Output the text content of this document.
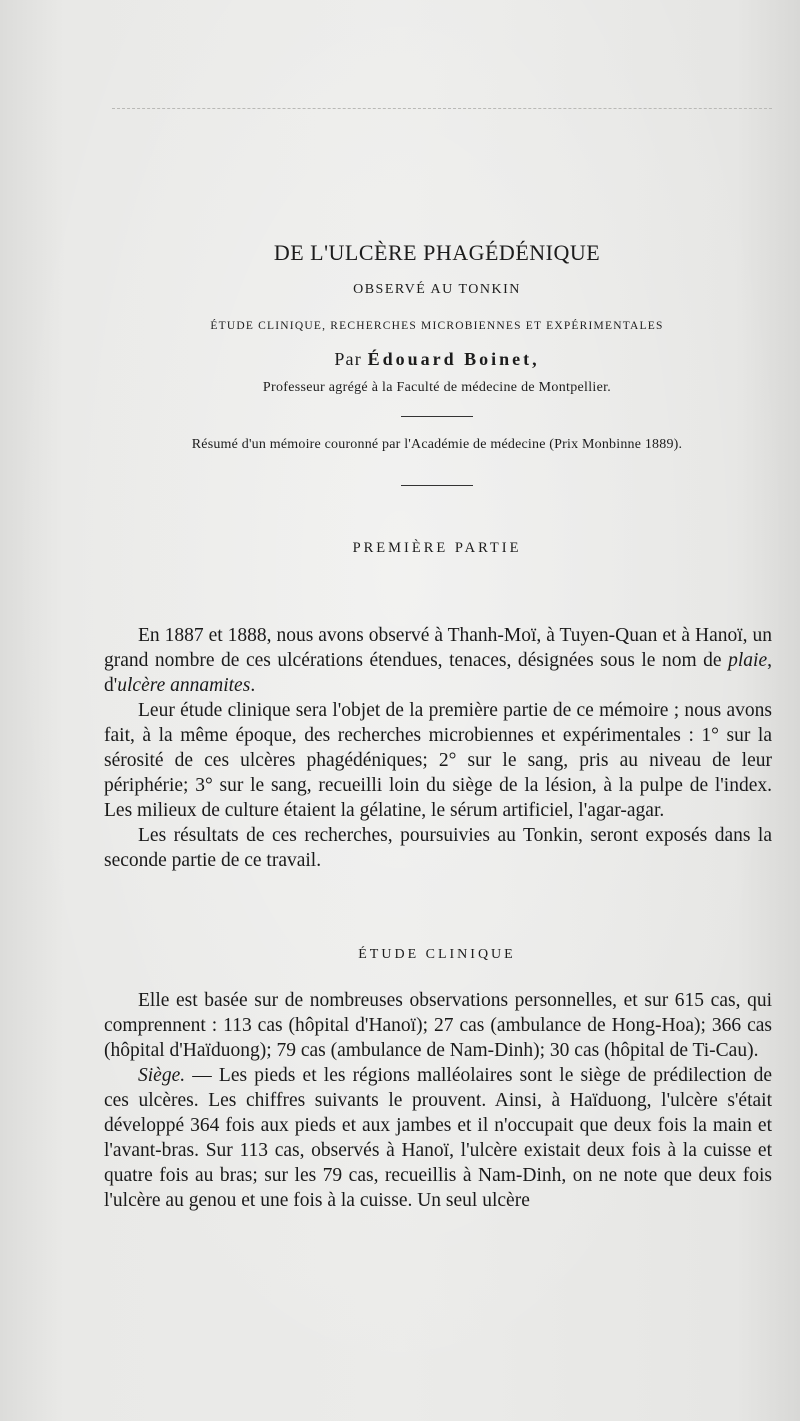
DE L'ULCÈRE PHAGÉDÉNIQUE
OBSERVÉ AU TONKIN
ÉTUDE CLINIQUE, RECHERCHES MICROBIENNES ET EXPÉRIMENTALES
Par Édouard Boinet,
Professeur agrégé à la Faculté de médecine de Montpellier.
Résumé d'un mémoire couronné par l'Académie de médecine (Prix Monbinne 1889).
PREMIÈRE PARTIE

En 1887 et 1888, nous avons observé à Thanh-Moï, à Tuyen-Quan et à Hanoï, un grand nombre de ces ulcérations étendues, tenaces, désignées sous le nom de plaie, d'ulcère annamites.

Leur étude clinique sera l'objet de la première partie de ce mémoire ; nous avons fait, à la même époque, des recherches microbiennes et expérimentales : 1° sur la sérosité de ces ulcères phagédéniques; 2° sur le sang, pris au niveau de leur périphérie; 3° sur le sang, recueilli loin du siège de la lésion, à la pulpe de l'index. Les milieux de culture étaient la gélatine, le sérum artificiel, l'agar-agar.

Les résultats de ces recherches, poursuivies au Tonkin, seront exposés dans la seconde partie de ce travail.

ÉTUDE CLINIQUE

Elle est basée sur de nombreuses observations personnelles, et sur 615 cas, qui comprennent : 113 cas (hôpital d'Hanoï); 27 cas (ambulance de Hong-Hoa); 366 cas (hôpital d'Haïduong); 79 cas (ambulance de Nam-Dinh); 30 cas (hôpital de Ti-Cau).

Siège. — Les pieds et les régions malléolaires sont le siège de prédilection de ces ulcères. Les chiffres suivants le prouvent. Ainsi, à Haïduong, l'ulcère s'était développé 364 fois aux pieds et aux jambes et il n'occupait que deux fois la main et l'avant-bras. Sur 113 cas, observés à Hanoï, l'ulcère existait deux fois à la cuisse et quatre fois au bras; sur les 79 cas, recueillis à Nam-Dinh, on ne note que deux fois l'ulcère au genou et une fois à la cuisse. Un seul ulcère
